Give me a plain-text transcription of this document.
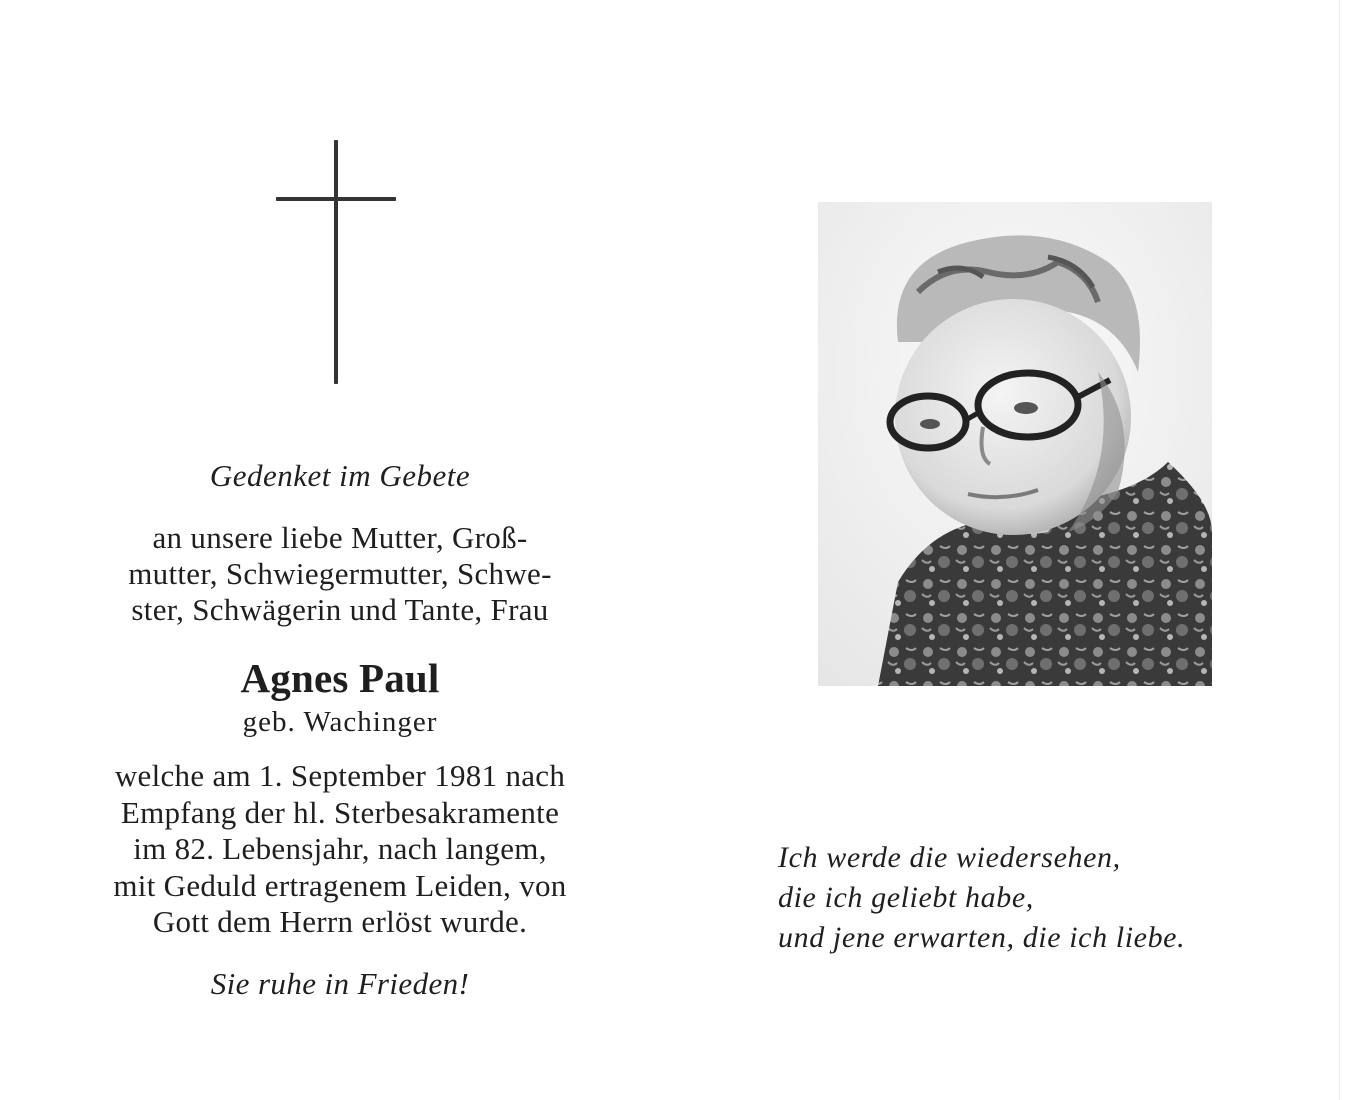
Gedenket im Gebete
an unsere liebe Mutter, Groß-
mutter, Schwiegermutter, Schwe-
ster, Schwägerin und Tante, Frau
Agnes Paul
geb. Wachinger
welche am 1. September 1981 nach
Empfang der hl. Sterbesakramente
im 82. Lebensjahr, nach langem,
mit Geduld ertragenem Leiden, von
Gott dem Herrn erlöst wurde.
Sie ruhe in Frieden!
Ich werde die wiedersehen,
die ich geliebt habe,
und jene erwarten, die ich liebe.
